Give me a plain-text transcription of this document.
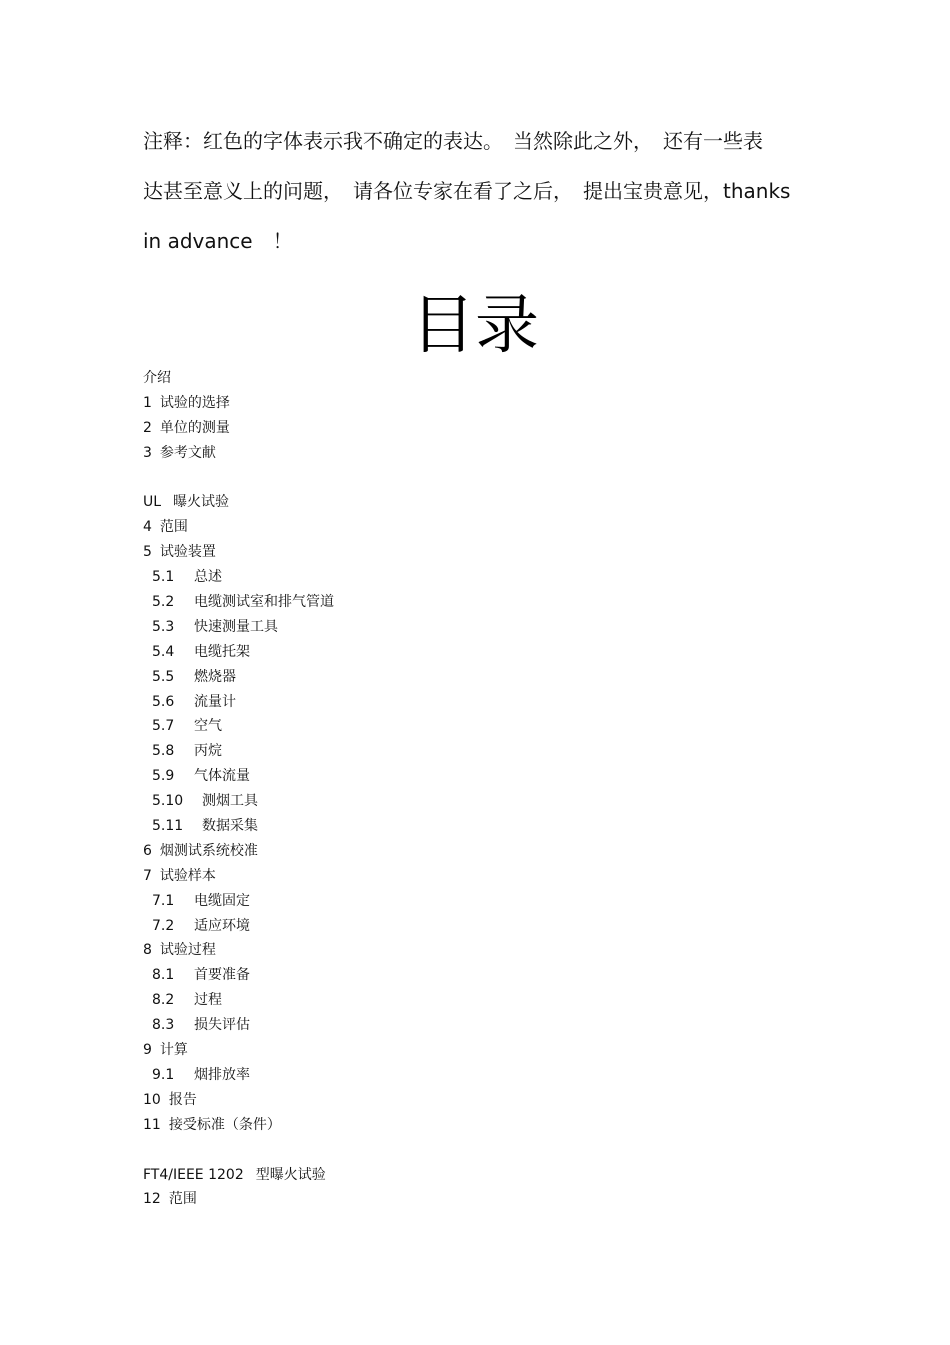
注释：红色的字体表示我不确定的表达。　当然除此之外，　还有一些表
达甚至意义上的问题，　请各位专家在看了之后，　提出宝贵意见，thanks
in advance　！
目录
介绍
1 试验的选择
2 单位的测量
3 参考文献
UL 曝火试验
4 范围
5 试验装置
5.1 总述
5.2 电缆测试室和排气管道
5.3 快速测量工具
5.4 电缆托架
5.5 燃烧器
5.6 流量计
5.7 空气
5.8 丙烷
5.9 气体流量
5.10 测烟工具
5.11 数据采集
6 烟测试系统校准
7 试验样本
7.1 电缆固定
7.2 适应环境
8 试验过程
8.1 首要准备
8.2 过程
8.3 损失评估
9 计算
9.1 烟排放率
10 报告
11 接受标准（条件）
FT4/IEEE 1202 型曝火试验
12 范围
